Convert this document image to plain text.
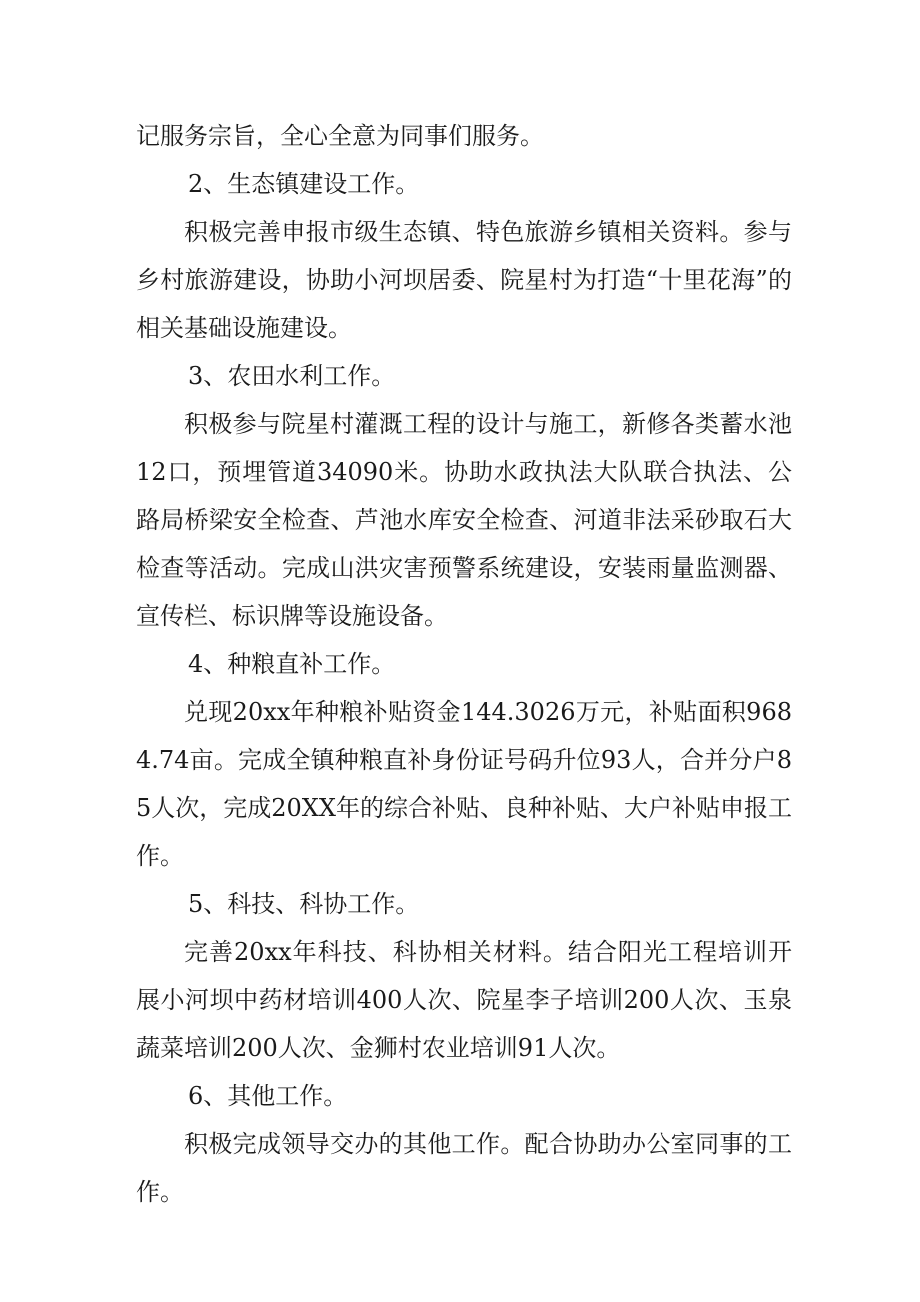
记服务宗旨，全心全意为同事们服务。

2、生态镇建设工作。

积极完善申报市级生态镇、特色旅游乡镇相关资料。参与乡村旅游建设，协助小河坝居委、院星村为打造“十里花海”的相关基础设施建设。

3、农田水利工作。

积极参与院星村灌溉工程的设计与施工，新修各类蓄水池12口，预埋管道34090米。协助水政执法大队联合执法、公路局桥梁安全检查、芦池水库安全检查、河道非法采砂取石大检查等活动。完成山洪灾害预警系统建设，安装雨量监测器、宣传栏、标识牌等设施设备。

4、种粮直补工作。

兑现20xx年种粮补贴资金144.3026万元，补贴面积9684.74亩。完成全镇种粮直补身份证号码升位93人，合并分户85人次，完成20XX年的综合补贴、良种补贴、大户补贴申报工作。

5、科技、科协工作。

完善20xx年科技、科协相关材料。结合阳光工程培训开展小河坝中药材培训400人次、院星李子培训200人次、玉泉蔬菜培训200人次、金狮村农业培训91人次。

6、其他工作。

积极完成领导交办的其他工作。配合协助办公室同事的工作。
